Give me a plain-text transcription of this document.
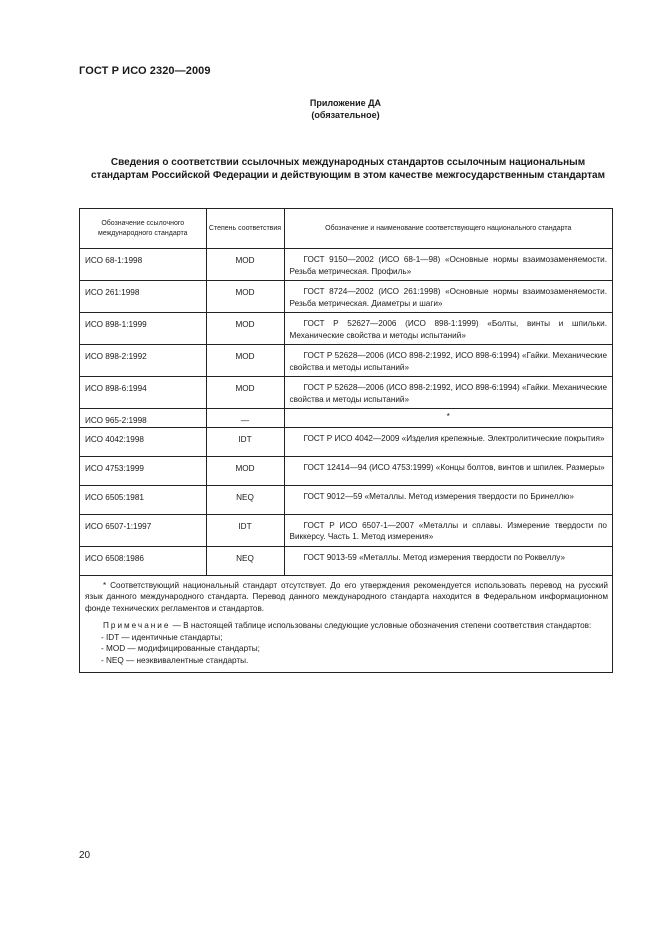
ГОСТ Р ИСО 2320—2009
Приложение ДА
(обязательное)
Сведения о соответствии ссылочных международных стандартов ссылочным национальным стандартам Российской Федерации и действующим в этом качестве межгосударственным стандартам
Обозначение ссылочного международного стандарта	Степень соответствия	Обозначение и наименование соответствующего национального стандарта
ИСО 68-1:1998	MOD	ГОСТ 9150—2002 (ИСО 68-1—98) «Основные нормы взаимозаменяемости. Резьба метрическая. Профиль»
ИСО 261:1998	MOD	ГОСТ 8724—2002 (ИСО 261:1998) «Основные нормы взаимозаменяемости. Резьба метрическая. Диаметры и шаги»
ИСО 898-1:1999	MOD	ГОСТ Р 52627—2006 (ИСО 898-1:1999) «Болты, винты и шпильки. Механические свойства и методы испытаний»
ИСО 898-2:1992	MOD	ГОСТ Р 52628—2006 (ИСО 898-2:1992, ИСО 898-6:1994) «Гайки. Механические свойства и методы испытаний»
ИСО 898-6:1994	MOD	ГОСТ Р 52628—2006 (ИСО 898-2:1992, ИСО 898-6:1994) «Гайки. Механические свойства и методы испытаний»
ИСО 965-2:1998	—	*
ИСО 4042:1998	IDT	ГОСТ Р ИСО 4042—2009 «Изделия крепежные. Электролитические покрытия»
ИСО 4753:1999	MOD	ГОСТ 12414—94 (ИСО 4753:1999) «Концы болтов, винтов и шпилек. Размеры»
ИСО 6505:1981	NEQ	ГОСТ 9012—59 «Металлы. Метод измерения твердости по Бринеллю»
ИСО 6507-1:1997	IDT	ГОСТ Р ИСО 6507-1—2007 «Металлы и сплавы. Измерение твердости по Виккерсу. Часть 1. Метод измерения»
ИСО 6508:1986	NEQ	ГОСТ 9013-59 «Металлы. Метод измерения твердости по Роквеллу»
* Соответствующий национальный стандарт отсутствует. До его утверждения рекомендуется использовать перевод на русский язык данного международного стандарта. Перевод данного международного стандарта находится в Федеральном информационном фонде технических регламентов и стандартов.
Примечание — В настоящей таблице использованы следующие условные обозначения степени соответствия стандартов:
- IDT — идентичные стандарты;
- MOD — модифицированные стандарты;
- NEQ — неэквивалентные стандарты.
20
